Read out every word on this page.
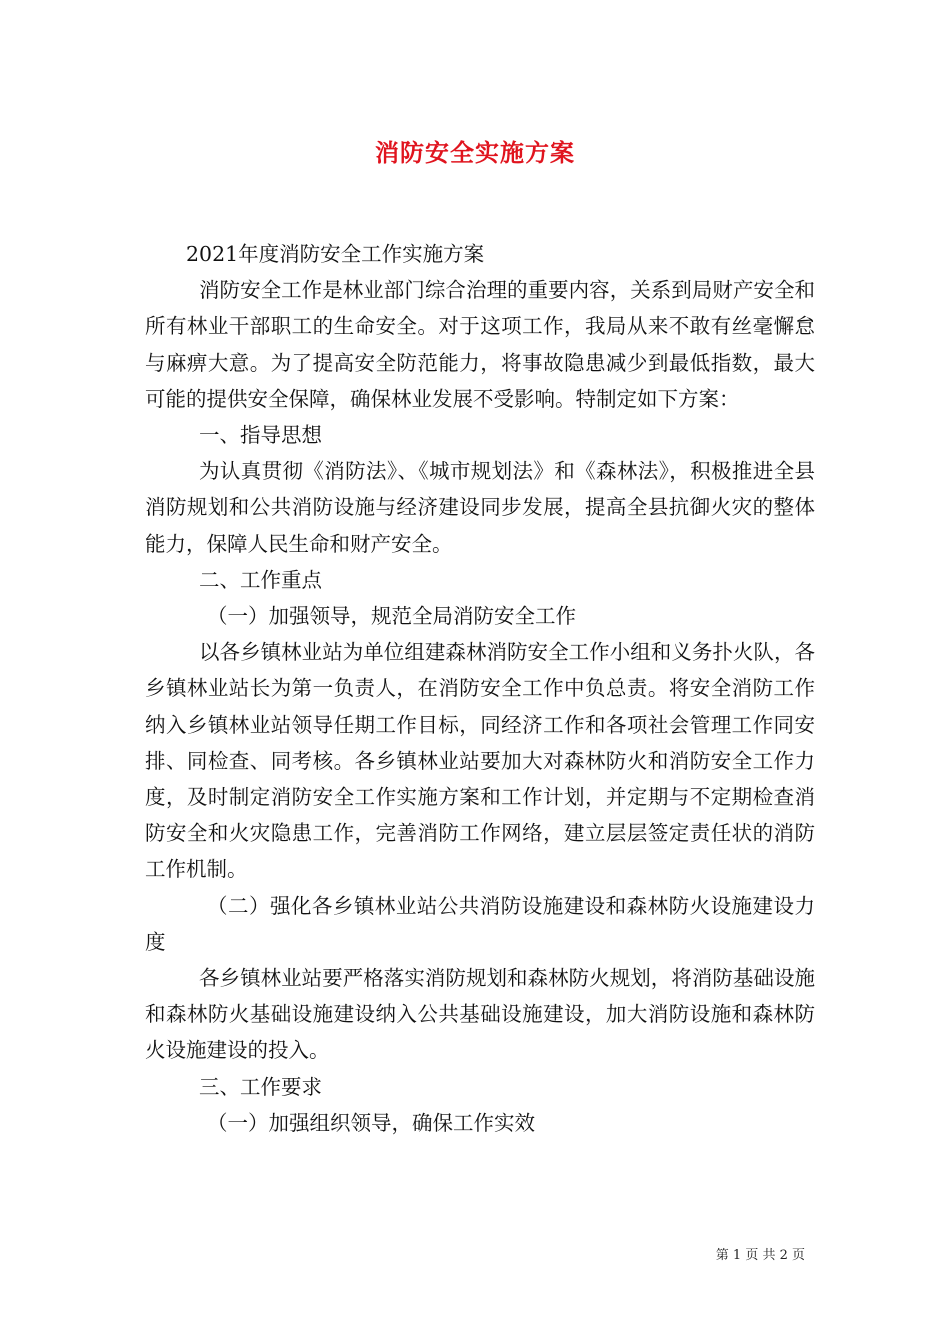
消防安全实施方案

2021年度消防安全工作实施方案

消防安全工作是林业部门综合治理的重要内容，关系到局财产安全和所有林业干部职工的生命安全。对于这项工作，我局从来不敢有丝毫懈怠与麻痹大意。为了提高安全防范能力，将事故隐患减少到最低指数，最大可能的提供安全保障，确保林业发展不受影响。特制定如下方案：

一、指导思想

为认真贯彻《消防法》、《城市规划法》和《森林法》，积极推进全县消防规划和公共消防设施与经济建设同步发展，提高全县抗御火灾的整体能力，保障人民生命和财产安全。

二、工作重点

（一）加强领导，规范全局消防安全工作

以各乡镇林业站为单位组建森林消防安全工作小组和义务扑火队，各乡镇林业站长为第一负责人，在消防安全工作中负总责。将安全消防工作纳入乡镇林业站领导任期工作目标，同经济工作和各项社会管理工作同安排、同检查、同考核。各乡镇林业站要加大对森林防火和消防安全工作力度，及时制定消防安全工作实施方案和工作计划，并定期与不定期检查消防安全和火灾隐患工作，完善消防工作网络，建立层层签定责任状的消防工作机制。

（二）强化各乡镇林业站公共消防设施建设和森林防火设施建设力度

各乡镇林业站要严格落实消防规划和森林防火规划，将消防基础设施和森林防火基础设施建设纳入公共基础设施建设，加大消防设施和森林防火设施建设的投入。

三、工作要求

（一）加强组织领导，确保工作实效

第 1 页 共 2 页
